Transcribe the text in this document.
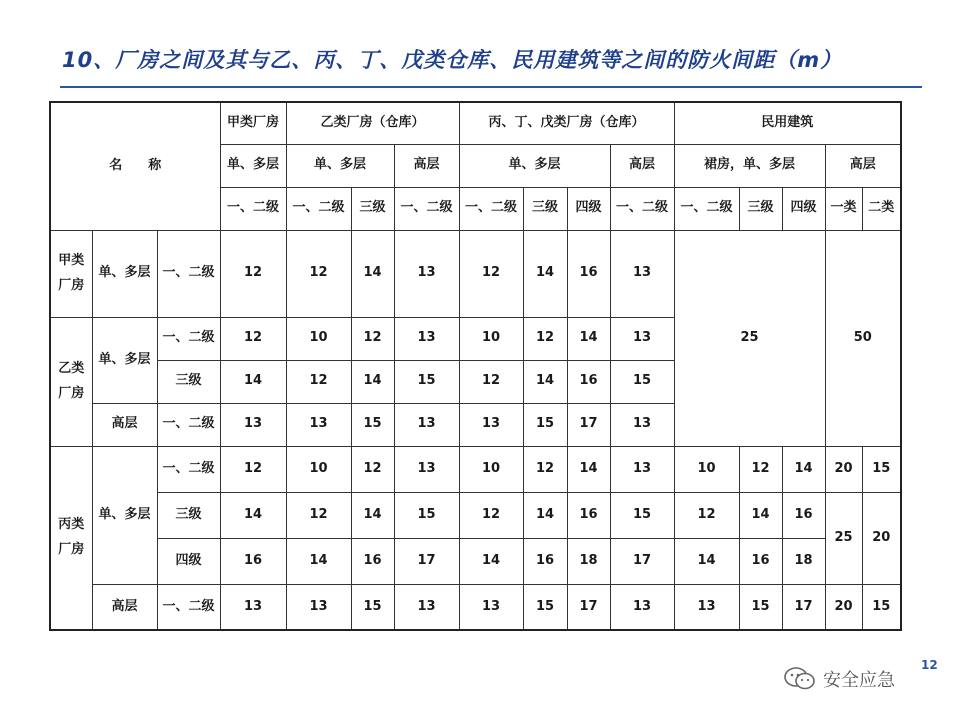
10、厂房之间及其与乙、丙、丁、戊类仓库、民用建筑等之间的防火间距（m）
名　　称			甲类厂房	乙类厂房（仓库）			丙、丁、戊类厂房（仓库）				民用建筑				
			单、多层	单、多层		高层	单、多层			高层	裙房，单、多层			高层	
			一、二级	一、二级	三级	一、二级	一、二级	三级	四级	一、二级	一、二级	三级	四级	一类	二类
甲类
厂房	单、多层	一、二级	12	12	14	13	12	14	16	13	25			50	
乙类
厂房	单、多层	一、二级	12	10	12	13	10	12	14	13					
		三级	14	12	14	15	12	14	16	15					
	高层	一、二级	13	13	15	13	13	15	17	13					
丙类
厂房	单、多层	一、二级	12	10	12	13	10	12	14	13	10	12	14	20	15
		三级	14	12	14	15	12	14	16	15	12	14	16	25	20
		四级	16	14	16	17	14	16	18	17	14	16	18		
	高层	一、二级	13	13	15	13	13	15	17	13	13	15	17	20	15
12
安全应急
